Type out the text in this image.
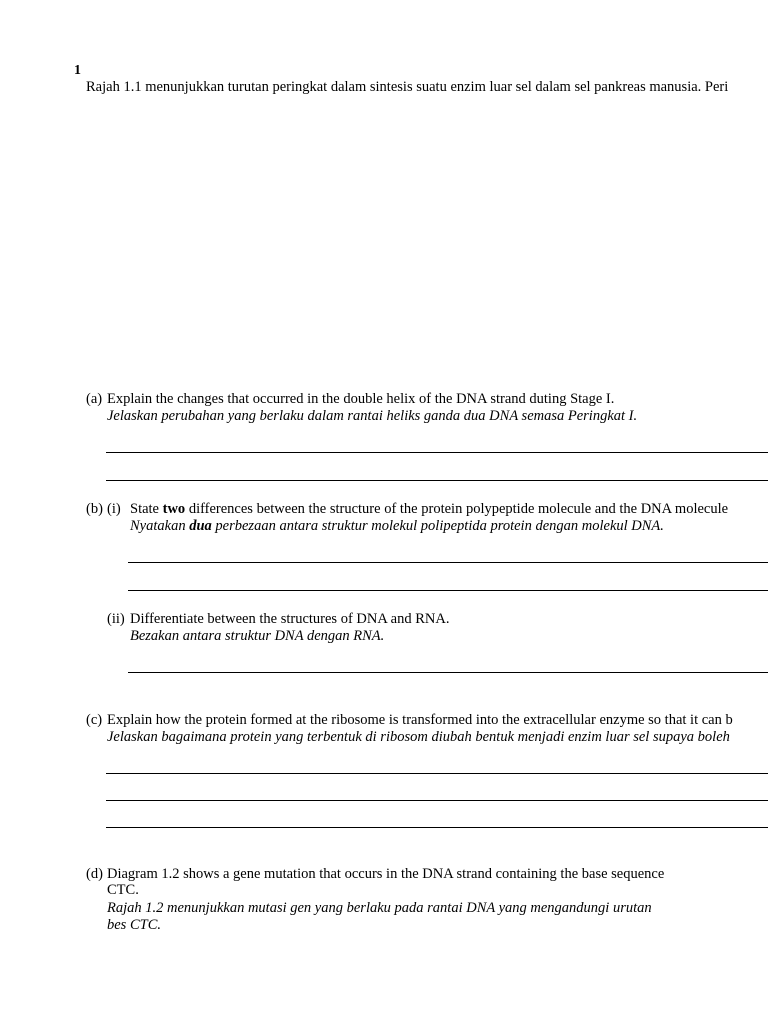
1
Rajah 1.1 menunjukkan turutan peringkat dalam sintesis suatu enzim luar sel dalam sel pankreas manusia. Peri
(a) Explain the changes that occurred in the double helix of the DNA strand duting Stage I.
Jelaskan perubahan yang berlaku dalam rantai heliks ganda dua DNA semasa Peringkat I.
(b) (i) State two differences between the structure of the protein polypeptide molecule and the DNA molecule
Nyatakan dua perbezaan antara struktur molekul polipeptida protein dengan molekul DNA.
(ii) Differentiate between the structures of DNA and RNA.
Bezakan antara struktur DNA dengan RNA.
(c) Explain how the protein formed at the ribosome is transformed into the extracellular enzyme so that it can b
Jelaskan bagaimana protein yang terbentuk di ribosom diubah bentuk menjadi enzim luar sel supaya boleh
(d) Diagram 1.2 shows a gene mutation that occurs in the DNA strand containing the base sequence
CTC.
Rajah 1.2 menunjukkan mutasi gen yang berlaku pada rantai DNA yang mengandungi urutan
bes CTC.
